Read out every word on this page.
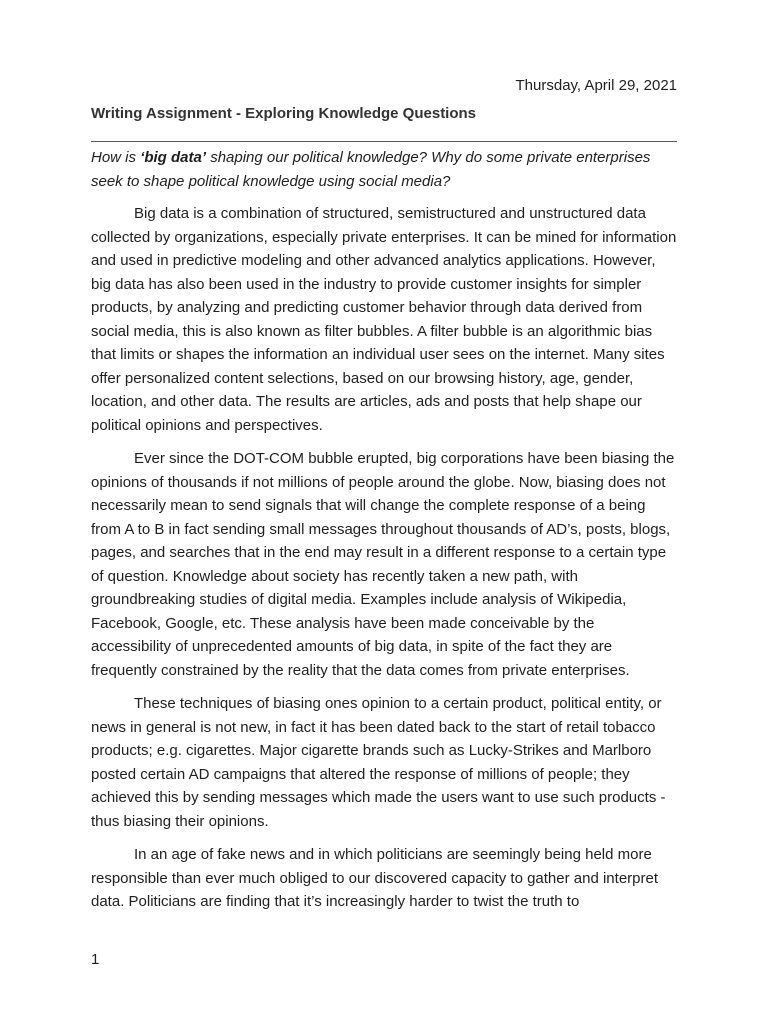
Thursday, April 29, 2021
Writing Assignment - Exploring Knowledge Questions
How is ‘big data’ shaping our political knowledge? Why do some private enterprises seek to shape political knowledge using social media?

Big data is a combination of structured, semistructured and unstructured data collected by organizations, especially private enterprises. It can be mined for information and used in predictive modeling and other advanced analytics applications. However, big data has also been used in the industry to provide customer insights for simpler products, by analyzing and predicting customer behavior through data derived from social media, this is also known as filter bubbles. A filter bubble is an algorithmic bias that limits or shapes the information an individual user sees on the internet. Many sites offer personalized content selections, based on our browsing history, age, gender, location, and other data. The results are articles, ads and posts that help shape our political opinions and perspectives.

Ever since the DOT-COM bubble erupted, big corporations have been biasing the opinions of thousands if not millions of people around the globe. Now, biasing does not necessarily mean to send signals that will change the complete response of a being from A to B in fact sending small messages throughout thousands of AD’s, posts, blogs, pages, and searches that in the end may result in a different response to a certain type of question. Knowledge about society has recently taken a new path, with groundbreaking studies of digital media. Examples include analysis of Wikipedia, Facebook, Google, etc. These analysis have been made conceivable by the accessibility of unprecedented amounts of big data, in spite of the fact they are frequently constrained by the reality that the data comes from private enterprises.

These techniques of biasing ones opinion to a certain product, political entity, or news in general is not new, in fact it has been dated back to the start of retail tobacco products; e.g. cigarettes. Major cigarette brands such as Lucky-Strikes and Marlboro posted certain AD campaigns that altered the response of millions of people; they achieved this by sending messages which made the users want to use such products - thus biasing their opinions.

In an age of fake news and in which politicians are seemingly being held more responsible than ever much obliged to our discovered capacity to gather and interpret data. Politicians are finding that it’s increasingly harder to twist the truth to

1
